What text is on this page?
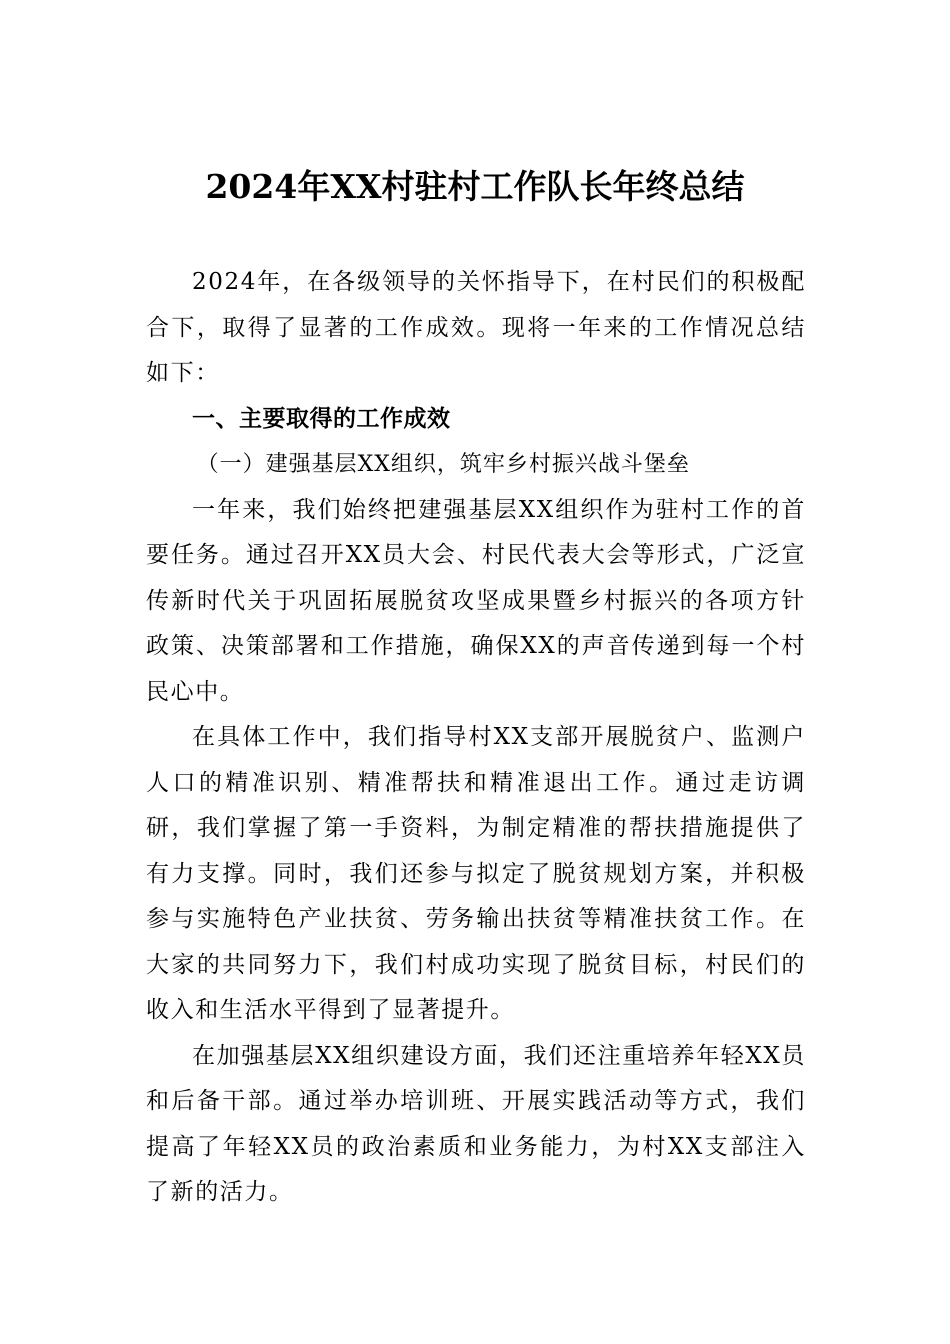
2024年XX村驻村工作队长年终总结

2024年，在各级领导的关怀指导下，在村民们的积极配合下，取得了显著的工作成效。现将一年来的工作情况总结如下：

一、主要取得的工作成效

（一）建强基层XX组织，筑牢乡村振兴战斗堡垒

一年来，我们始终把建强基层XX组织作为驻村工作的首要任务。通过召开XX员大会、村民代表大会等形式，广泛宣传新时代关于巩固拓展脱贫攻坚成果暨乡村振兴的各项方针政策、决策部署和工作措施，确保XX的声音传递到每一个村民心中。

在具体工作中，我们指导村XX支部开展脱贫户、监测户人口的精准识别、精准帮扶和精准退出工作。通过走访调研，我们掌握了第一手资料，为制定精准的帮扶措施提供了有力支撑。同时，我们还参与拟定了脱贫规划方案，并积极参与实施特色产业扶贫、劳务输出扶贫等精准扶贫工作。在大家的共同努力下，我们村成功实现了脱贫目标，村民们的收入和生活水平得到了显著提升。

在加强基层XX组织建设方面，我们还注重培养年轻XX员和后备干部。通过举办培训班、开展实践活动等方式，我们提高了年轻XX员的政治素质和业务能力，为村XX支部注入了新的活力。
